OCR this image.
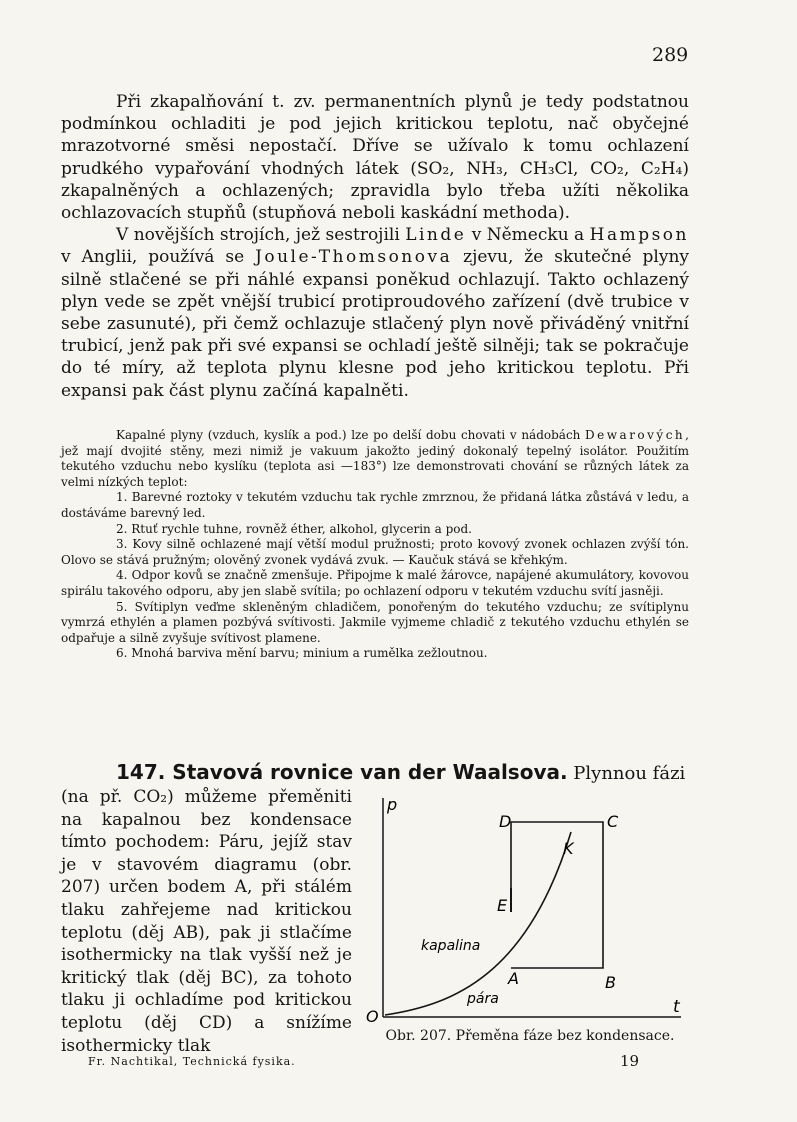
289

Při zkapalňování t. zv. permanentních plynů je tedy podstatnou podmínkou ochladiti je pod jejich kritickou teplotu, nač obyčejné mrazotvorné směsi nepostačí. Dříve se užívalo k tomu ochlazení prudkého vypařování vhodných látek (SO₂, NH₃, CH₃Cl, CO₂, C₂H₄) zkapalněných a ochlazených; zpravidla bylo třeba užíti několika ochlazovacích stupňů (stupňová neboli kaskádní methoda).

V novějších strojích, jež sestrojili Linde v Německu a Hampson v Anglii, používá se Joule-Thomsonova zjevu, že skutečné plyny silně stlačené se při náhlé expansi poněkud ochlazují. Takto ochlazený plyn vede se zpět vnější trubicí protiproudového zařízení (dvě trubice v sebe zasunuté), při čemž ochlazuje stlačený plyn nově přiváděný vnitřní trubicí, jenž pak při své expansi se ochladí ještě silněji; tak se pokračuje do té míry, až teplota plynu klesne pod jeho kritickou teplotu. Při expansi pak část plynu začíná kapalněti.

Kapalné plyny (vzduch, kyslík a pod.) lze po delší dobu chovati v nádobách Dewarových, jež mají dvojité stěny, mezi nimiž je vakuum jakožto jediný dokonalý tepelný isolátor. Použitím tekutého vzduchu nebo kyslíku (teplota asi —183°) lze demonstrovati chování se různých látek za velmi nízkých teplot:

1. Barevné roztoky v tekutém vzduchu tak rychle zmrznou, že přidaná látka zůstává v ledu, a dostáváme barevný led.
2. Rtuť rychle tuhne, rovněž éther, alkohol, glycerin a pod.
3. Kovy silně ochlazené mají větší modul pružnosti; proto kovový zvonek ochlazen zvýší tón. Olovo se stává pružným; olověný zvonek vydává zvuk. — Kaučuk stává se křehkým.
4. Odpor kovů se značně zmenšuje. Připojme k malé žárovce, napájené akumulátory, kovovou spirálu takového odporu, aby jen slabě svítila; po ochlazení odporu v tekutém vzduchu svítí jasněji.
5. Svítiplyn veďme skleněným chladičem, ponořeným do tekutého vzduchu; ze svítiplynu vymrzá ethylén a plamen pozbývá svítivosti. Jakmile vyjmeme chladič z tekutého vzduchu ethylén se odpařuje a silně zvyšuje svítivost plamene.
6. Mnohá barviva mění barvu; minium a rumělka zežloutnou.
147. Stavová rovnice van der Waalsova. Plynnou fázi

(na př. CO₂) můžeme přeměniti na kapalnou bez kondensace tímto pochodem: Páru, jejíž stav je v stavovém diagramu (obr. 207) určen bodem A, při stálém tlaku zahřejeme nad kritickou teplotu (děj AB), pak ji stlačíme isothermicky na tlak vyšší než je kritický tlak (děj BC), za tohoto tlaku ji ochladíme pod kritickou teplotu (děj CD) a snížíme isothermicky tlak

p
t
O
D	C
K
E
A	B
kapalina
pára

Obr. 207. Přeměna fáze bez kondensace.

Fr. Nachtikal, Technická fysika.	19
